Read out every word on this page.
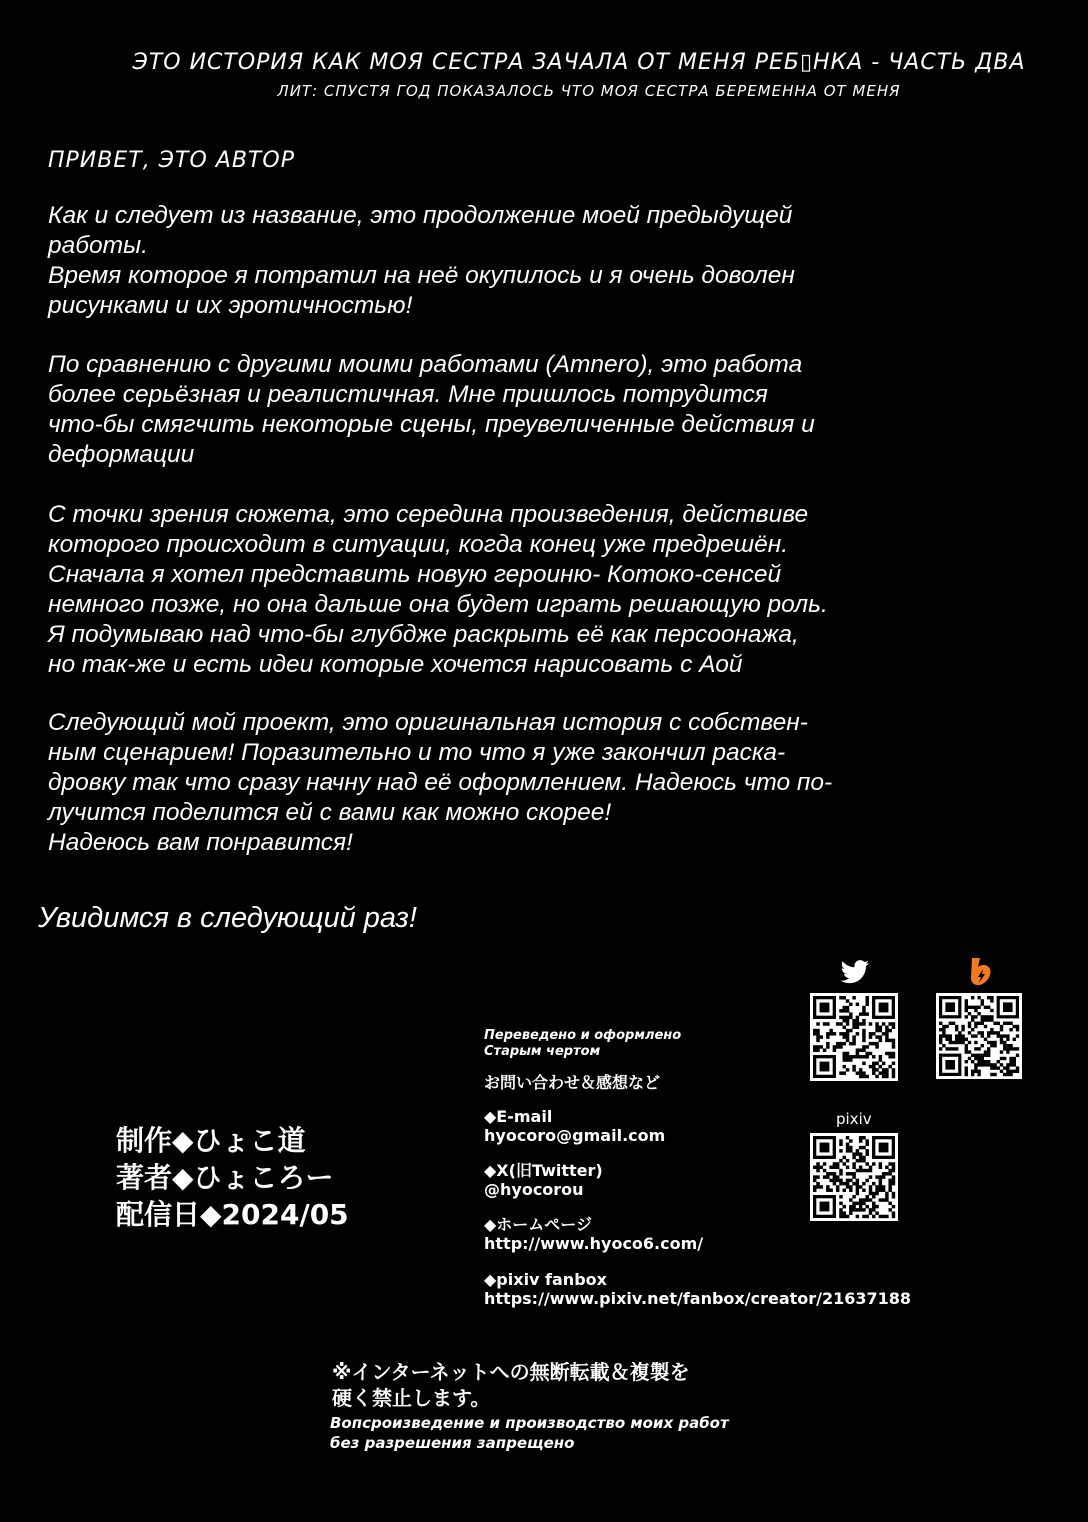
ЭТО ИСТОРИЯ КАК МОЯ СЕСТРА ЗАЧАЛА ОТ МЕНЯ РЕБ▯НКА - ЧАСТЬ ДВА
ЛИТ: СПУСТЯ ГОД ПОКАЗАЛОСЬ ЧТО МОЯ СЕСТРА БЕРЕМЕННА ОТ МЕНЯ
ПРИВЕТ, ЭТО АВТОР
Как и следует из название, это продолжение моей предыдущей
работы.
Время которое я потратил на неё окупилось и я очень доволен
рисунками и их эротичностью!
По сравнению с другими моими работами (Amnero), это работа
более серьёзная и реалистичная. Мне пришлось потрудится
что-бы смягчить некоторые сцены, преувеличенные действия и
деформации
С точки зрения сюжета, это середина произведения, действиве
которого происходит в ситуации, когда конец уже предрешён.
Сначала я хотел представить новую героиню- Котоко-сенсей
немного позже, но она дальше она будет играть решающую роль.
Я подумываю над что-бы глубдже раскрыть её как персоонажа,
но так-же и есть идеи которые хочется нарисовать с Аой
Следующий мой проект, это оригинальная история с собствен-
ным сценарием! Поразительно и то что я уже закончил раска-
дровку так что сразу начну над её оформлением. Надеюсь что по-
лучится поделится ей с вами как можно скорее!
Надеюсь вам понравится!
Увидимся в следующий раз!
pixiv
Переведено и оформлено
Старым чертом
お問い合わせ＆感想など
◆E-mail
hyocoro@gmail.com
◆X(旧Twitter)
@hyocorou
◆ホームページ
http://www.hyoco6.com/
◆pixiv fanbox
https://www.pixiv.net/fanbox/creator/21637188
制作◆ひょこ道
著者◆ひょころー
配信日◆2024/05
※インターネットへの無断転載＆複製を
硬く禁止します。
Вопсроизведение и производство моих работ
без разрешения запрещено
